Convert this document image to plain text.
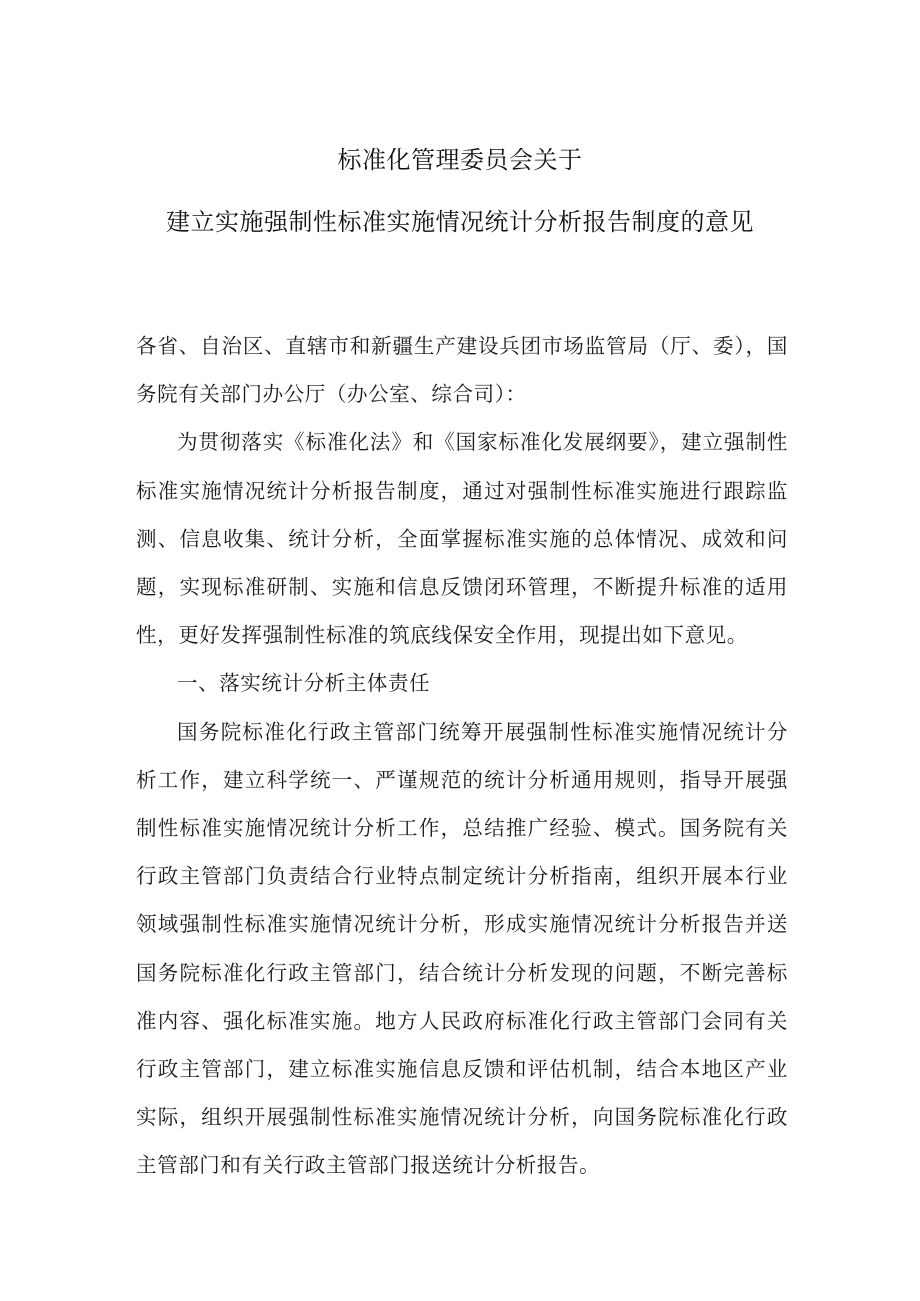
标准化管理委员会关于

建立实施强制性标准实施情况统计分析报告制度的意见

各省、自治区、直辖市和新疆生产建设兵团市场监管局（厅、委），国务院有关部门办公厅（办公室、综合司）：

为贯彻落实《标准化法》和《国家标准化发展纲要》，建立强制性标准实施情况统计分析报告制度，通过对强制性标准实施进行跟踪监测、信息收集、统计分析，全面掌握标准实施的总体情况、成效和问题，实现标准研制、实施和信息反馈闭环管理，不断提升标准的适用性，更好发挥强制性标准的筑底线保安全作用，现提出如下意见。

一、落实统计分析主体责任

国务院标准化行政主管部门统筹开展强制性标准实施情况统计分析工作，建立科学统一、严谨规范的统计分析通用规则，指导开展强制性标准实施情况统计分析工作，总结推广经验、模式。国务院有关行政主管部门负责结合行业特点制定统计分析指南，组织开展本行业领域强制性标准实施情况统计分析，形成实施情况统计分析报告并送国务院标准化行政主管部门，结合统计分析发现的问题，不断完善标准内容、强化标准实施。地方人民政府标准化行政主管部门会同有关行政主管部门，建立标准实施信息反馈和评估机制，结合本地区产业实际，组织开展强制性标准实施情况统计分析，向国务院标准化行政主管部门和有关行政主管部门报送统计分析报告。
